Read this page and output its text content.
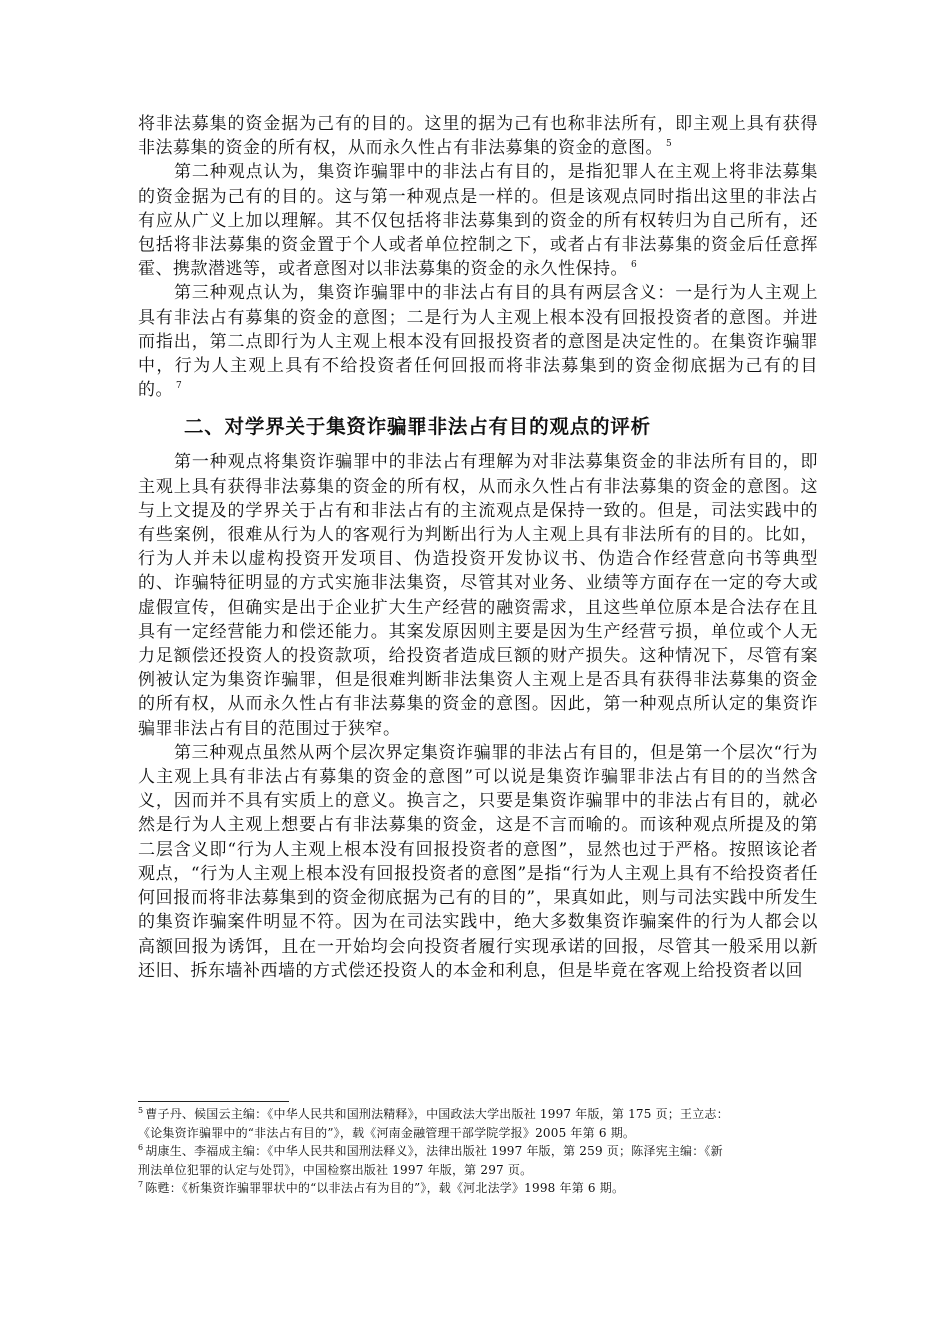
将非法募集的资金据为己有的目的。这里的据为己有也称非法所有，即主观上具有获得非法募集的资金的所有权，从而永久性占有非法募集的资金的意图。 $^5$

第二种观点认为，集资诈骗罪中的非法占有目的，是指犯罪人在主观上将非法募集的资金据为己有的目的。这与第一种观点是一样的。但是该观点同时指出这里的非法占有应从广义上加以理解。其不仅包括将非法募集到的资金的所有权转归为自己所有，还包括将非法募集的资金置于个人或者单位控制之下，或者占有非法募集的资金后任意挥霍、携款潜逃等，或者意图对以非法募集的资金的永久性保持。 $^6$

第三种观点认为，集资诈骗罪中的非法占有目的具有两层含义：一是行为人主观上具有非法占有募集的资金的意图；二是行为人主观上根本没有回报投资者的意图。并进而指出，第二点即行为人主观上根本没有回报投资者的意图是决定性的。在集资诈骗罪中，行为人主观上具有不给投资者任何回报而将非法募集到的资金彻底据为己有的目的。 $^7$

二、对学界关于集资诈骗罪非法占有目的观点的评析

第一种观点将集资诈骗罪中的非法占有理解为对非法募集资金的非法所有目的，即主观上具有获得非法募集的资金的所有权，从而永久性占有非法募集的资金的意图。这与上文提及的学界关于占有和非法占有的主流观点是保持一致的。但是，司法实践中的有些案例，很难从行为人的客观行为判断出行为人主观上具有非法所有的目的。比如，行为人并未以虚构投资开发项目、伪造投资开发协议书、伪造合作经营意向书等典型的、诈骗特征明显的方式实施非法集资，尽管其对业务、业绩等方面存在一定的夸大或虚假宣传，但确实是出于企业扩大生产经营的融资需求，且这些单位原本是合法存在且具有一定经营能力和偿还能力。其案发原因则主要是因为生产经营亏损，单位或个人无力足额偿还投资人的投资款项，给投资者造成巨额的财产损失。这种情况下，尽管有案例被认定为集资诈骗罪，但是很难判断非法集资人主观上是否具有获得非法募集的资金的所有权，从而永久性占有非法募集的资金的意图。因此，第一种观点所认定的集资诈骗罪非法占有目的范围过于狭窄。

第三种观点虽然从两个层次界定集资诈骗罪的非法占有目的，但是第一个层次“行为人主观上具有非法占有募集的资金的意图”可以说是集资诈骗罪非法占有目的的当然含义，因而并不具有实质上的意义。换言之，只要是集资诈骗罪中的非法占有目的，就必然是行为人主观上想要占有非法募集的资金，这是不言而喻的。而该种观点所提及的第二层含义即“行为人主观上根本没有回报投资者的意图”，显然也过于严格。按照该论者观点，“行为人主观上根本没有回报投资者的意图”是指“行为人主观上具有不给投资者任何回报而将非法募集到的资金彻底据为己有的目的”，果真如此，则与司法实践中所发生的集资诈骗案件明显不符。因为在司法实践中，绝大多数集资诈骗案件的行为人都会以高额回报为诱饵，且在一开始均会向投资者履行实现承诺的回报，尽管其一般采用以新还旧、拆东墙补西墙的方式偿还投资人的本金和利息，但是毕竟在客观上给投资者以回

$^5$ 曹子丹、候国云主编：《中华人民共和国刑法精释》，中国政法大学出版社 1997 年版，第 175 页；王立志：

《论集资诈骗罪中的“非法占有目的”》，载《河南金融管理干部学院学报》2005 年第 6 期。

$^6$ 胡康生、李福成主编：《中华人民共和国刑法释义》，法律出版社 1997 年版，第 259 页；陈泽宪主编：《新

刑法单位犯罪的认定与处罚》，中国检察出版社 1997 年版，第 297 页。

$^7$ 陈甦：《析集资诈骗罪罪状中的“以非法占有为目的”》，载《河北法学》1998 年第 6 期。
